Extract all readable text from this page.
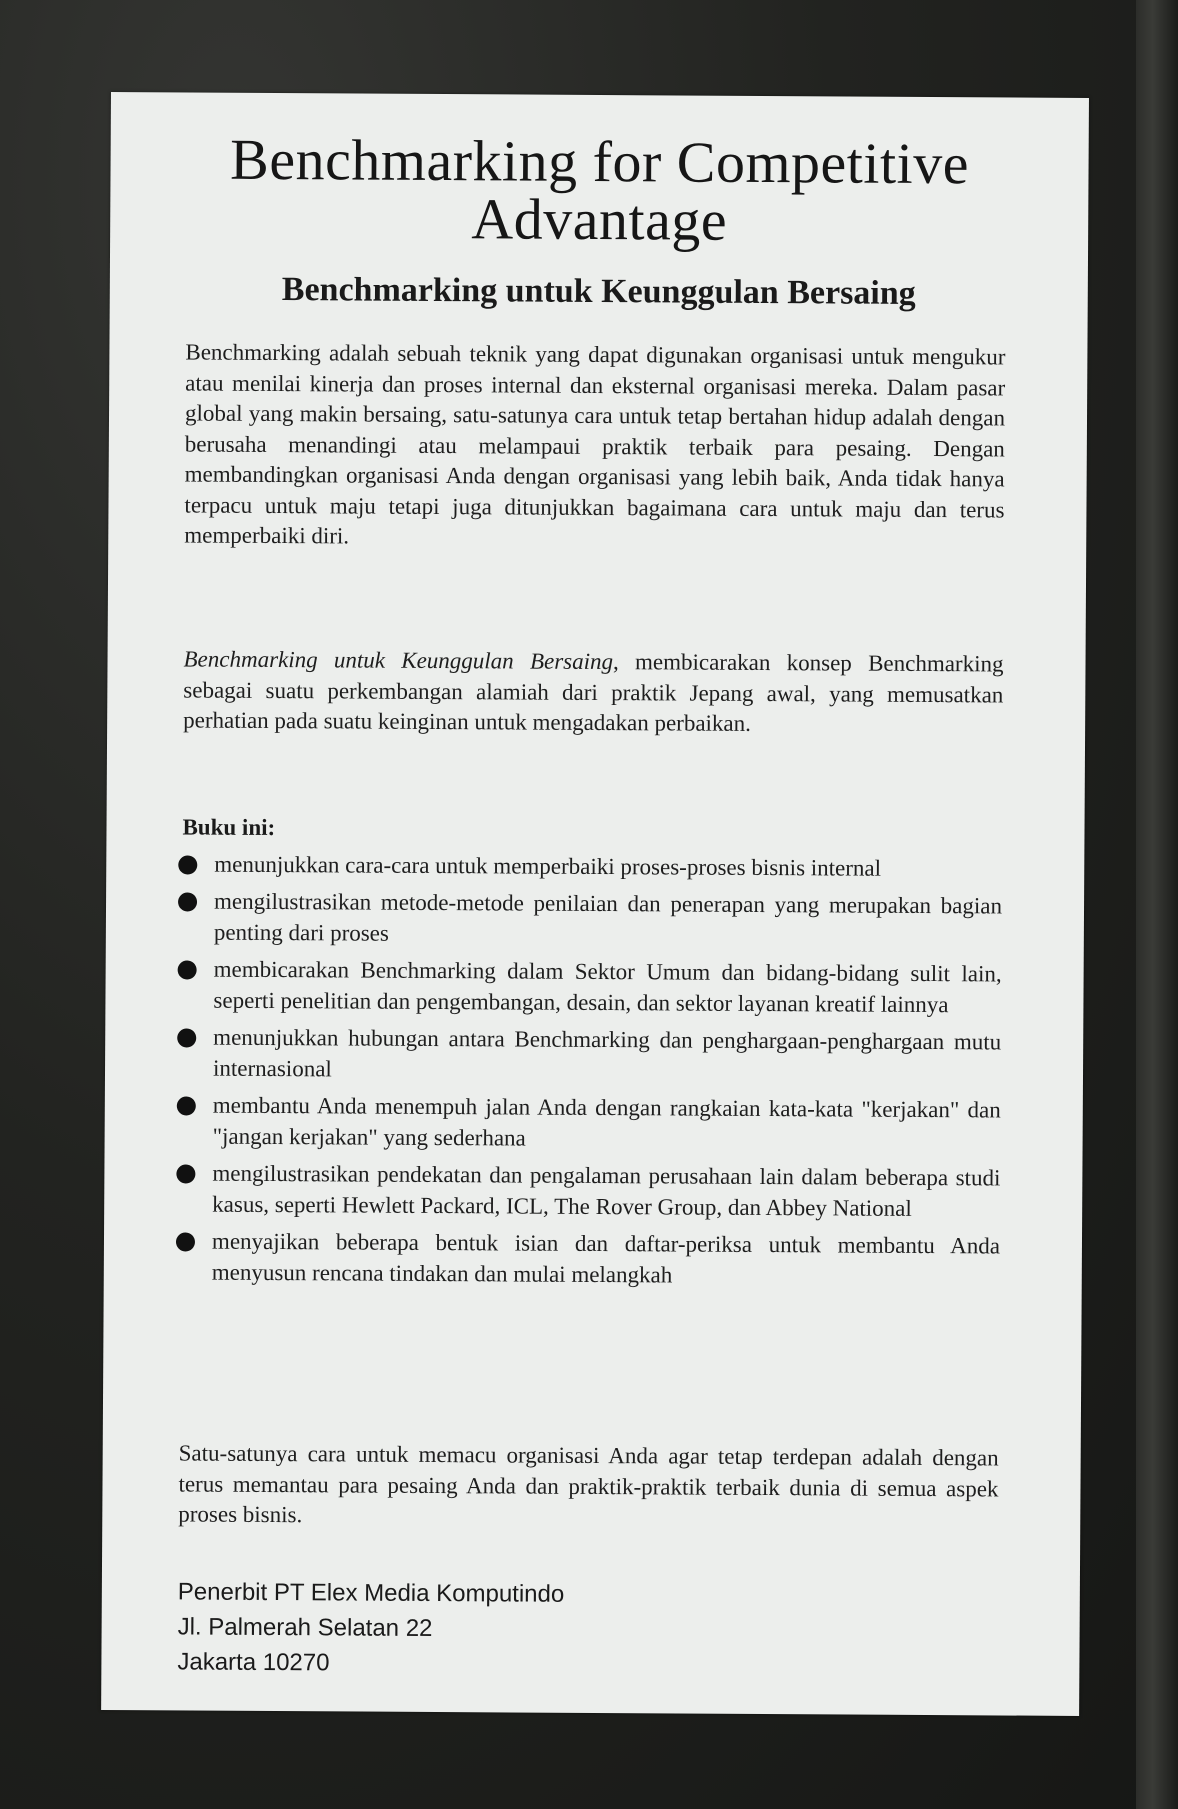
Benchmarking for Competitive Advantage
Benchmarking untuk Keunggulan Bersaing

Benchmarking adalah sebuah teknik yang dapat digunakan organisasi untuk mengukur atau menilai kinerja dan proses internal dan eksternal organisasi mereka. Dalam pasar global yang makin bersaing, satu-satunya cara untuk tetap bertahan hidup adalah dengan berusaha menandingi atau melampaui praktik terbaik para pesaing. Dengan membandingkan organisasi Anda dengan organisasi yang lebih baik, Anda tidak hanya terpacu untuk maju tetapi juga ditunjukkan bagaimana cara untuk maju dan terus memperbaiki diri.

Benchmarking untuk Keunggulan Bersaing, membicarakan konsep Benchmarking sebagai suatu perkembangan alamiah dari praktik Jepang awal, yang memusatkan perhatian pada suatu keinginan untuk mengadakan perbaikan.

Buku ini:

menunjukkan cara-cara untuk memperbaiki proses-proses bisnis internal
mengilustrasikan metode-metode penilaian dan penerapan yang merupakan bagian penting dari proses
membicarakan Benchmarking dalam Sektor Umum dan bidang-bidang sulit lain, seperti penelitian dan pengembangan, desain, dan sektor layanan kreatif lainnya
menunjukkan hubungan antara Benchmarking dan penghargaan-penghargaan mutu internasional
membantu Anda menempuh jalan Anda dengan rangkaian kata-kata "kerjakan" dan "jangan kerjakan" yang sederhana
mengilustrasikan pendekatan dan pengalaman perusahaan lain dalam beberapa studi kasus, seperti Hewlett Packard, ICL, The Rover Group, dan Abbey National
menyajikan beberapa bentuk isian dan daftar-periksa untuk membantu Anda menyusun rencana tindakan dan mulai melangkah

Satu-satunya cara untuk memacu organisasi Anda agar tetap terdepan adalah dengan terus memantau para pesaing Anda dan praktik-praktik terbaik dunia di semua aspek proses bisnis.

Penerbit PT Elex Media Komputindo
Jl. Palmerah Selatan 22
Jakarta 10270
